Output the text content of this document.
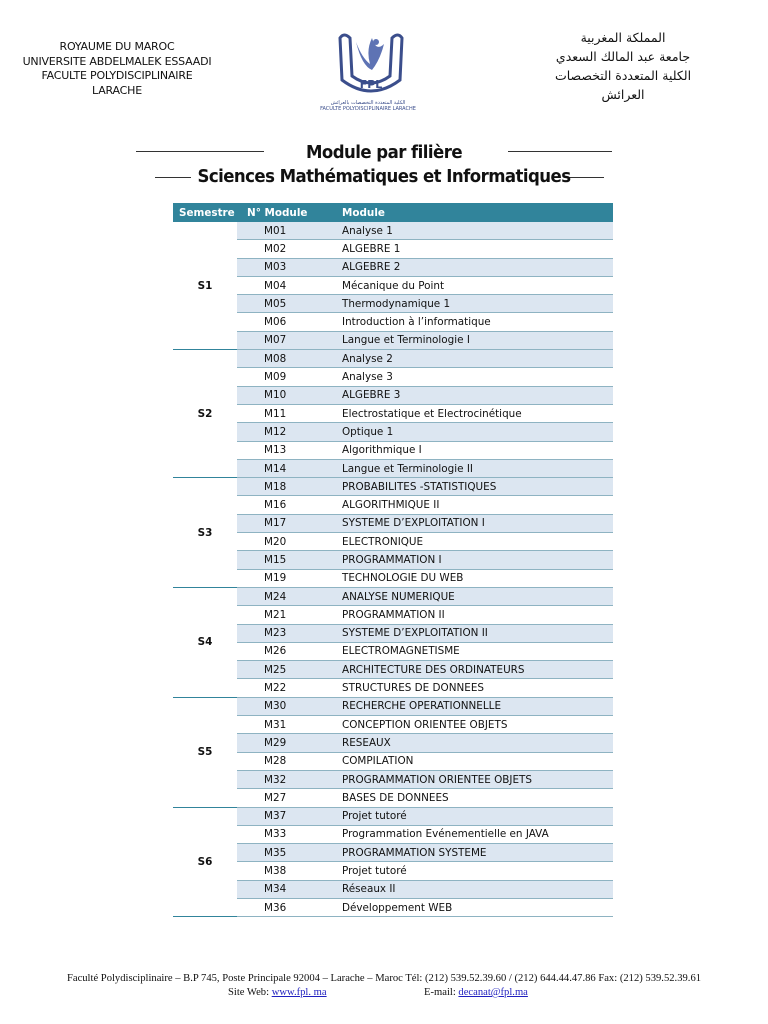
ROYAUME DU MAROC
UNIVERSITE ABDELMALEK ESSAADI
FACULTE POLYDISCIPLINAIRE
LARACHE	FPL
الكلية المتعددة التخصصات بالعرائش
FACULTE POLYDISCIPLINAIRE LARACHE
المملكة المغربية
جامعة عبد المالك السعدي
الكلية المتعددة التخصصات
العرائش
Module par filière
Sciences Mathématiques et Informatiques
Semestre	N° Module	Module
S1	M01	Analyse 1
	M02	ALGEBRE 1
	M03	ALGEBRE 2
	M04	Mécanique du Point
	M05	Thermodynamique 1
	M06	Introduction à l’informatique
	M07	Langue et Terminologie I
S2	M08	Analyse 2
	M09	Analyse 3
	M10	ALGEBRE 3
	M11	Electrostatique et Electrocinétique
	M12	Optique 1
	M13	Algorithmique I
	M14	Langue et Terminologie II
S3	M18	PROBABILITES -STATISTIQUES
	M16	ALGORITHMIQUE II
	M17	SYSTEME D’EXPLOITATION I
	M20	ELECTRONIQUE
	M15	PROGRAMMATION I
	M19	TECHNOLOGIE DU WEB
S4	M24	ANALYSE NUMERIQUE
	M21	PROGRAMMATION II
	M23	SYSTEME D’EXPLOITATION II
	M26	ELECTROMAGNETISME
	M25	ARCHITECTURE DES ORDINATEURS
	M22	STRUCTURES DE DONNEES
S5	M30	RECHERCHE OPERATIONNELLE
	M31	CONCEPTION ORIENTEE OBJETS
	M29	RESEAUX
	M28	COMPILATION
	M32	PROGRAMMATION ORIENTEE OBJETS
	M27	BASES DE DONNEES
S6	M37	Projet tutoré
	M33	Programmation Evénementielle en JAVA
	M35	PROGRAMMATION SYSTEME
	M38	Projet tutoré
	M34	Réseaux II
	M36	Développement WEB
Faculté Polydisciplinaire – B.P 745, Poste Principale 92004 – Larache – Maroc Tél: (212) 539.52.39.60 / (212) 644.44.47.86 Fax: (212) 539.52.39.61
Site Web: www.fpl. ma	E-mail: decanat@fpl.ma
